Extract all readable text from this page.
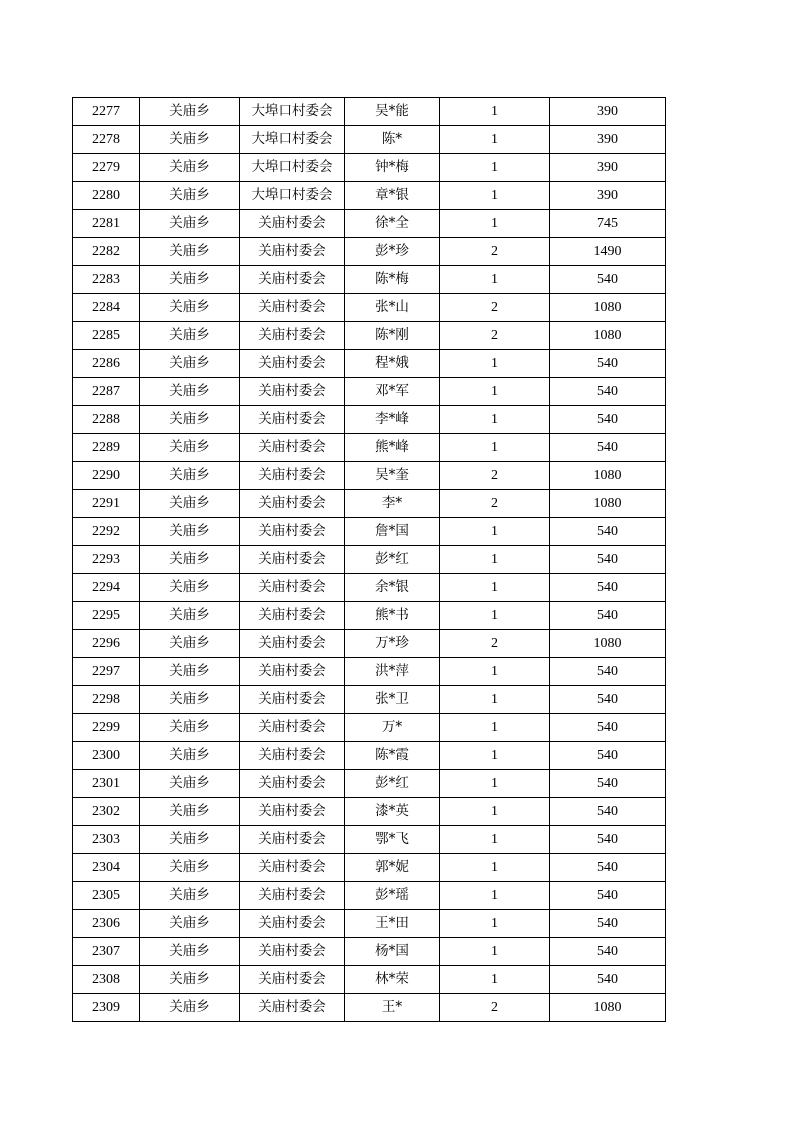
2277	关庙乡	大埠口村委会	吴*能	1	390
2278	关庙乡	大埠口村委会	陈*	1	390
2279	关庙乡	大埠口村委会	钟*梅	1	390
2280	关庙乡	大埠口村委会	章*银	1	390
2281	关庙乡	关庙村委会	徐*全	1	745
2282	关庙乡	关庙村委会	彭*珍	2	1490
2283	关庙乡	关庙村委会	陈*梅	1	540
2284	关庙乡	关庙村委会	张*山	2	1080
2285	关庙乡	关庙村委会	陈*刚	2	1080
2286	关庙乡	关庙村委会	程*娥	1	540
2287	关庙乡	关庙村委会	邓*军	1	540
2288	关庙乡	关庙村委会	李*峰	1	540
2289	关庙乡	关庙村委会	熊*峰	1	540
2290	关庙乡	关庙村委会	吴*奎	2	1080
2291	关庙乡	关庙村委会	李*	2	1080
2292	关庙乡	关庙村委会	詹*国	1	540
2293	关庙乡	关庙村委会	彭*红	1	540
2294	关庙乡	关庙村委会	余*银	1	540
2295	关庙乡	关庙村委会	熊*书	1	540
2296	关庙乡	关庙村委会	万*珍	2	1080
2297	关庙乡	关庙村委会	洪*萍	1	540
2298	关庙乡	关庙村委会	张*卫	1	540
2299	关庙乡	关庙村委会	万*	1	540
2300	关庙乡	关庙村委会	陈*霞	1	540
2301	关庙乡	关庙村委会	彭*红	1	540
2302	关庙乡	关庙村委会	漆*英	1	540
2303	关庙乡	关庙村委会	鄂*飞	1	540
2304	关庙乡	关庙村委会	郭*妮	1	540
2305	关庙乡	关庙村委会	彭*瑶	1	540
2306	关庙乡	关庙村委会	王*田	1	540
2307	关庙乡	关庙村委会	杨*国	1	540
2308	关庙乡	关庙村委会	林*荣	1	540
2309	关庙乡	关庙村委会	王*	2	1080
